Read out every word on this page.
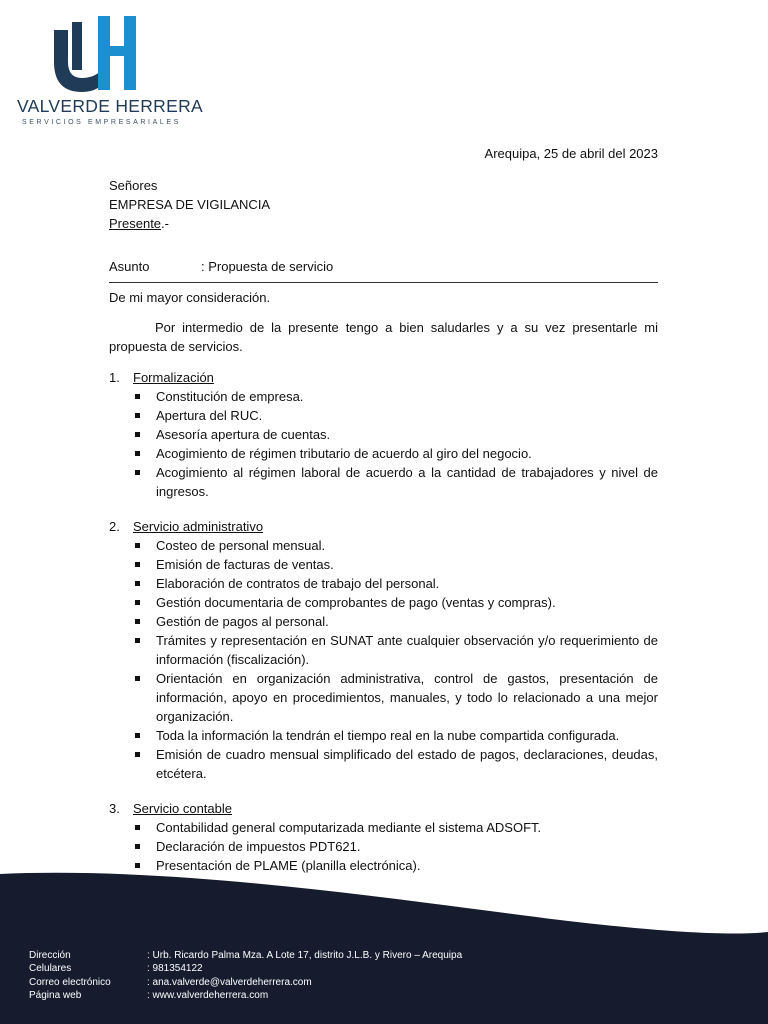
VALVERDE HERRERA
SERVICIOS EMPRESARIALES
Arequipa, 25 de abril del 2023
Señores
EMPRESA DE VIGILANCIA
Presente.-
Asunto	: Propuesta de servicio
De mi mayor consideración.
Por intermedio de la presente tengo a bien saludarles y a su vez presentarle mi propuesta de servicios.
1.	Formalización
Constitución de empresa.
Apertura del RUC.
Asesoría apertura de cuentas.
Acogimiento de régimen tributario de acuerdo al giro del negocio.
Acogimiento al régimen laboral de acuerdo a la cantidad de trabajadores y nivel de ingresos.
2.	Servicio administrativo
Costeo de personal mensual.
Emisión de facturas de ventas.
Elaboración de contratos de trabajo del personal.
Gestión documentaria de comprobantes de pago (ventas y compras).
Gestión de pagos al personal.
Trámites y representación en SUNAT ante cualquier observación y/o requerimiento de información (fiscalización).
Orientación en organización administrativa, control de gastos, presentación de información, apoyo en procedimientos, manuales, y todo lo relacionado a una mejor organización.
Toda la información la tendrán el tiempo real en la nube compartida configurada.
Emisión de cuadro mensual simplificado del estado de pagos, declaraciones, deudas, etcétera.
3.	Servicio contable
Contabilidad general computarizada mediante el sistema ADSOFT.
Declaración de impuestos PDT621.
Presentación de PLAME (planilla electrónica).
Dirección	: Urb. Ricardo Palma Mza. A Lote 17, distrito J.L.B. y Rivero – Arequipa
Celulares	: 981354122
Correo electrónico	: ana.valverde@valverdeherrera.com
Página web	: www.valverdeherrera.com
